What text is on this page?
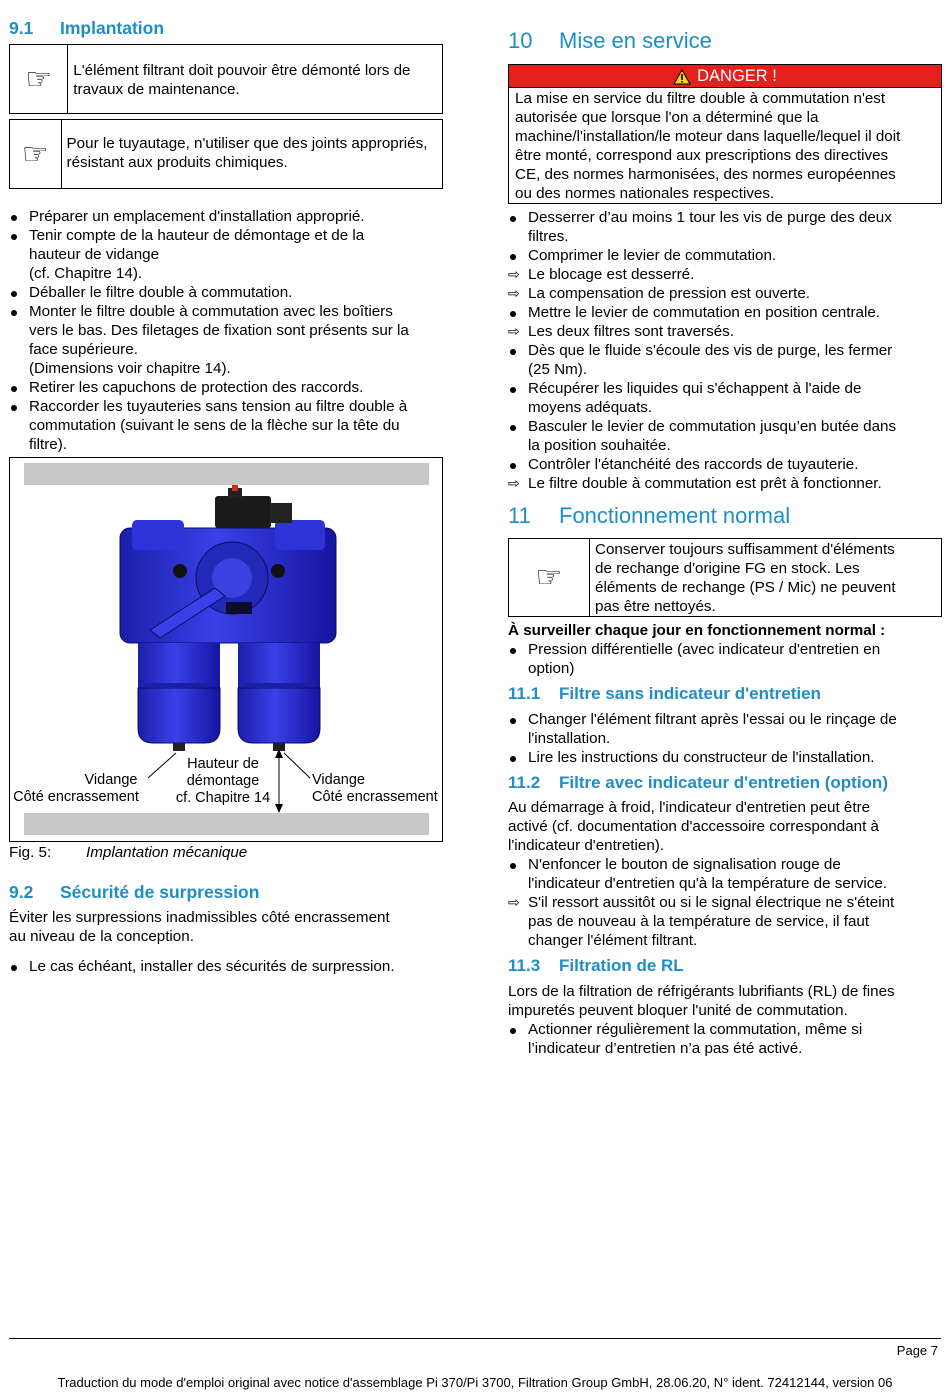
9.1 Implantation
☞	L'élément filtrant doit pouvoir être démonté lors de travaux de maintenance.
☞	Pour le tuyautage, n'utiliser que des joints appropriés, résistant aux produits chimiques.
Préparer un emplacement d'installation approprié.
Tenir compte de la hauteur de démontage et de la
hauteur de vidange
(cf. Chapitre 14).
Déballer le filtre double à commutation.
Monter le filtre double à commutation avec les boîtiers
vers le bas. Des filetages de fixation sont présents sur la
face supérieure.
(Dimensions voir chapitre 14).
Retirer les capuchons de protection des raccords.
Raccorder les tuyauteries sans tension au filtre double à
commutation (suivant le sens de la flèche sur la tête du
filtre).
Vidange
Côté encrassement
Hauteur de
démontage
cf. Chapitre 14
Vidange
Côté encrassement
Fig. 5: Implantation mécanique
9.2 Sécurité de surpression
Éviter les surpressions inadmissibles côté encrassement
au niveau de la conception.
Le cas échéant, installer des sécurités de surpression.
10 Mise en service
DANGER !
La mise en service du filtre double à commutation n'est
autorisée que lorsque l'on a déterminé que la
machine/l'installation/le moteur dans laquelle/lequel il doit
être monté, correspond aux prescriptions des directives
CE, des normes harmonisées, des normes européennes
ou des normes nationales respectives.
Desserrer d’au moins 1 tour les vis de purge des deux
filtres.
Comprimer le levier de commutation.
⇨ Le blocage est desserré.
⇨ La compensation de pression est ouverte.
Mettre le levier de commutation en position centrale.
⇨ Les deux filtres sont traversés.
Dès que le fluide s'écoule des vis de purge, les fermer
(25 Nm).
Récupérer les liquides qui s'échappent à l'aide de
moyens adéquats.
Basculer le levier de commutation jusqu’en butée dans
la position souhaitée.
Contrôler l'étanchéité des raccords de tuyauterie.
⇨ Le filtre double à commutation est prêt à fonctionner.
11 Fonctionnement normal
☞
Conserver toujours suffisamment d'éléments
de rechange d'origine FG en stock. Les
éléments de rechange (PS / Mic) ne peuvent
pas être nettoyés.
À surveiller chaque jour en fonctionnement normal :
Pression différentielle (avec indicateur d'entretien en
option)
11.1 Filtre sans indicateur d'entretien
Changer l'élément filtrant après l'essai ou le rinçage de
l'installation.
Lire les instructions du constructeur de l'installation.
11.2 Filtre avec indicateur d'entretien (option)
Au démarrage à froid, l'indicateur d'entretien peut être
activé (cf. documentation d'accessoire correspondant à
l'indicateur d'entretien).
N'enfoncer le bouton de signalisation rouge de
l'indicateur d'entretien qu'à la température de service.
⇨ S'il ressort aussitôt ou si le signal électrique ne s'éteint
pas de nouveau à la température de service, il faut
changer l'élément filtrant.
11.3 Filtration de RL
Lors de la filtration de réfrigérants lubrifiants (RL) de fines
impuretés peuvent bloquer l'unité de commutation.
Actionner régulièrement la commutation, même si
l’indicateur d’entretien n’a pas été activé.
Page 7
Traduction du mode d'emploi original avec notice d'assemblage Pi 370/Pi 3700, Filtration Group GmbH, 28.06.20, N° ident. 72412144, version 06
